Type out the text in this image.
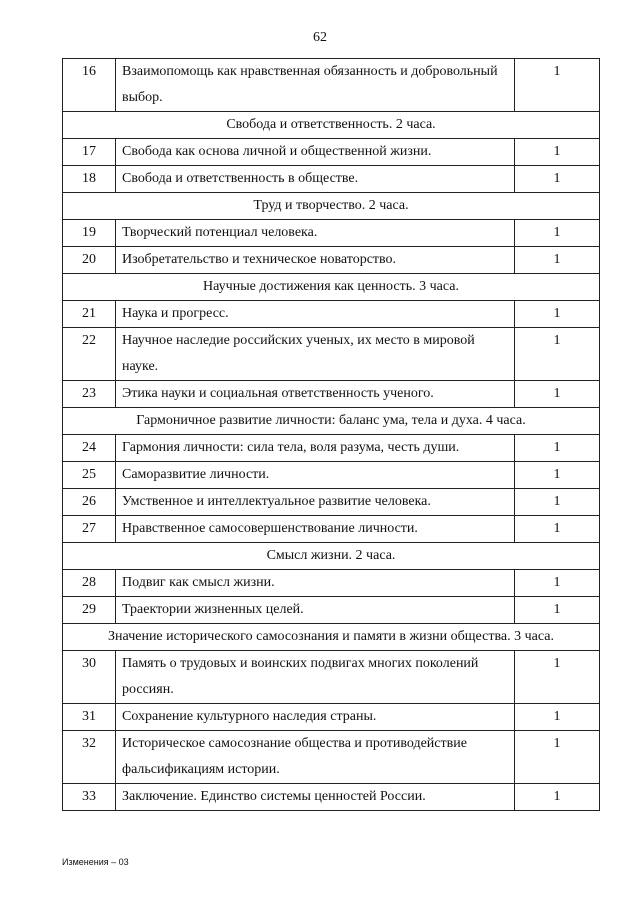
62
16	Взаимопомощь как нравственная обязанность и добровольный выбор.	1
Свобода и ответственность. 2 часа.		
17	Свобода как основа личной и общественной жизни.	1
18	Свобода и ответственность в обществе.	1
Труд и творчество. 2 часа.		
19	Творческий потенциал человека.	1
20	Изобретательство и техническое новаторство.	1
Научные достижения как ценность. 3 часа.		
21	Наука и прогресс.	1
22	Научное наследие российских ученых, их место в мировой науке.	1
23	Этика науки и социальная ответственность ученого.	1
Гармоничное развитие личности: баланс ума, тела и духа. 4 часа.		
24	Гармония личности: сила тела, воля разума, честь души.	1
25	Саморазвитие личности.	1
26	Умственное и интеллектуальное развитие человека.	1
27	Нравственное самосовершенствование личности.	1
Смысл жизни. 2 часа.		
28	Подвиг как смысл жизни.	1
29	Траектории жизненных целей.	1
Значение исторического самосознания и памяти в жизни общества. 3 часа.		
30	Память о трудовых и воинских подвигах многих поколений россиян.	1
31	Сохранение культурного наследия страны.	1
32	Историческое самосознание общества и противодействие фальсификациям истории.	1
33	Заключение. Единство системы ценностей России.	1
Изменения – 03
